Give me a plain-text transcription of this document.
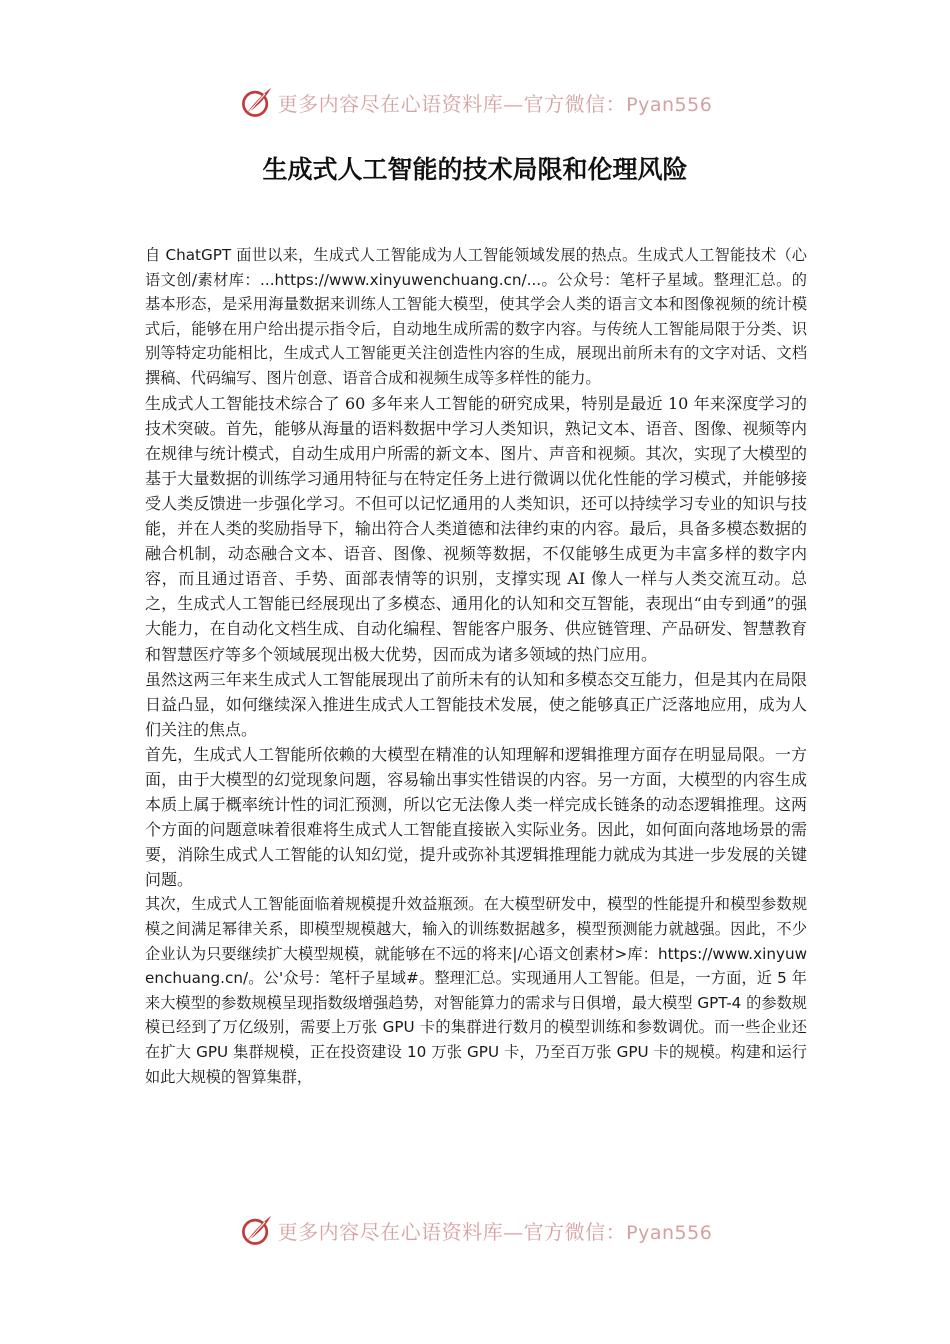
更多内容尽在心语资料库—官方微信：Pyan556
生成式人工智能的技术局限和伦理风险

自 ChatGPT 面世以来，生成式人工智能成为人工智能领域发展的热点。生成式人工智能技术（心语文创/素材库：...https://www.xinyuwenchuang.cn/...。公众号：笔杆子星域。整理汇总。的基本形态，是采用海量数据来训练人工智能大模型，使其学会人类的语言文本和图像视频的统计模式后，能够在用户给出提示指令后，自动地生成所需的数字内容。与传统人工智能局限于分类、识别等特定功能相比，生成式人工智能更关注创造性内容的生成，展现出前所未有的文字对话、文档撰稿、代码编写、图片创意、语音合成和视频生成等多样性的能力。

生成式人工智能技术综合了 60 多年来人工智能的研究成果，特别是最近 10 年来深度学习的技术突破。首先，能够从海量的语料数据中学习人类知识，熟记文本、语音、图像、视频等内在规律与统计模式，自动生成用户所需的新文本、图片、声音和视频。其次，实现了大模型的基于大量数据的训练学习通用特征与在特定任务上进行微调以优化性能的学习模式，并能够接受人类反馈进一步强化学习。不但可以记忆通用的人类知识，还可以持续学习专业的知识与技能，并在人类的奖励指导下，输出符合人类道德和法律约束的内容。最后，具备多模态数据的融合机制，动态融合文本、语音、图像、视频等数据，不仅能够生成更为丰富多样的数字内容，而且通过语音、手势、面部表情等的识别，支撑实现 AI 像人一样与人类交流互动。总之，生成式人工智能已经展现出了多模态、通用化的认知和交互智能，表现出“由专到通”的强大能力，在自动化文档生成、自动化编程、智能客户服务、供应链管理、产品研发、智慧教育和智慧医疗等多个领域展现出极大优势，因而成为诸多领域的热门应用。

虽然这两三年来生成式人工智能展现出了前所未有的认知和多模态交互能力，但是其内在局限日益凸显，如何继续深入推进生成式人工智能技术发展，使之能够真正广泛落地应用，成为人们关注的焦点。

首先，生成式人工智能所依赖的大模型在精准的认知理解和逻辑推理方面存在明显局限。一方面，由于大模型的幻觉现象问题，容易输出事实性错误的内容。另一方面，大模型的内容生成本质上属于概率统计性的词汇预测，所以它无法像人类一样完成长链条的动态逻辑推理。这两个方面的问题意味着很难将生成式人工智能直接嵌入实际业务。因此，如何面向落地场景的需要，消除生成式人工智能的认知幻觉，提升或弥补其逻辑推理能力就成为其进一步发展的关键问题。

其次，生成式人工智能面临着规模提升效益瓶颈。在大模型研发中，模型的性能提升和模型参数规模之间满足幂律关系，即模型规模越大，输入的训练数据越多，模型预测能力就越强。因此，不少企业认为只要继续扩大模型规模，就能够在不远的将来|/心语文创素材>库：https://www.xinyuwenchuang.cn/。公'众号：笔杆子星域#。整理汇总。实现通用人工智能。但是，一方面，近 5 年来大模型的参数规模呈现指数级增强趋势，对智能算力的需求与日俱增，最大模型 GPT-4 的参数规模已经到了万亿级别，需要上万张 GPU 卡的集群进行数月的模型训练和参数调优。而一些企业还在扩大 GPU 集群规模，正在投资建设 10 万张 GPU 卡，乃至百万张 GPU 卡的规模。构建和运行如此大规模的智算集群，

更多内容尽在心语资料库—官方微信：Pyan556
